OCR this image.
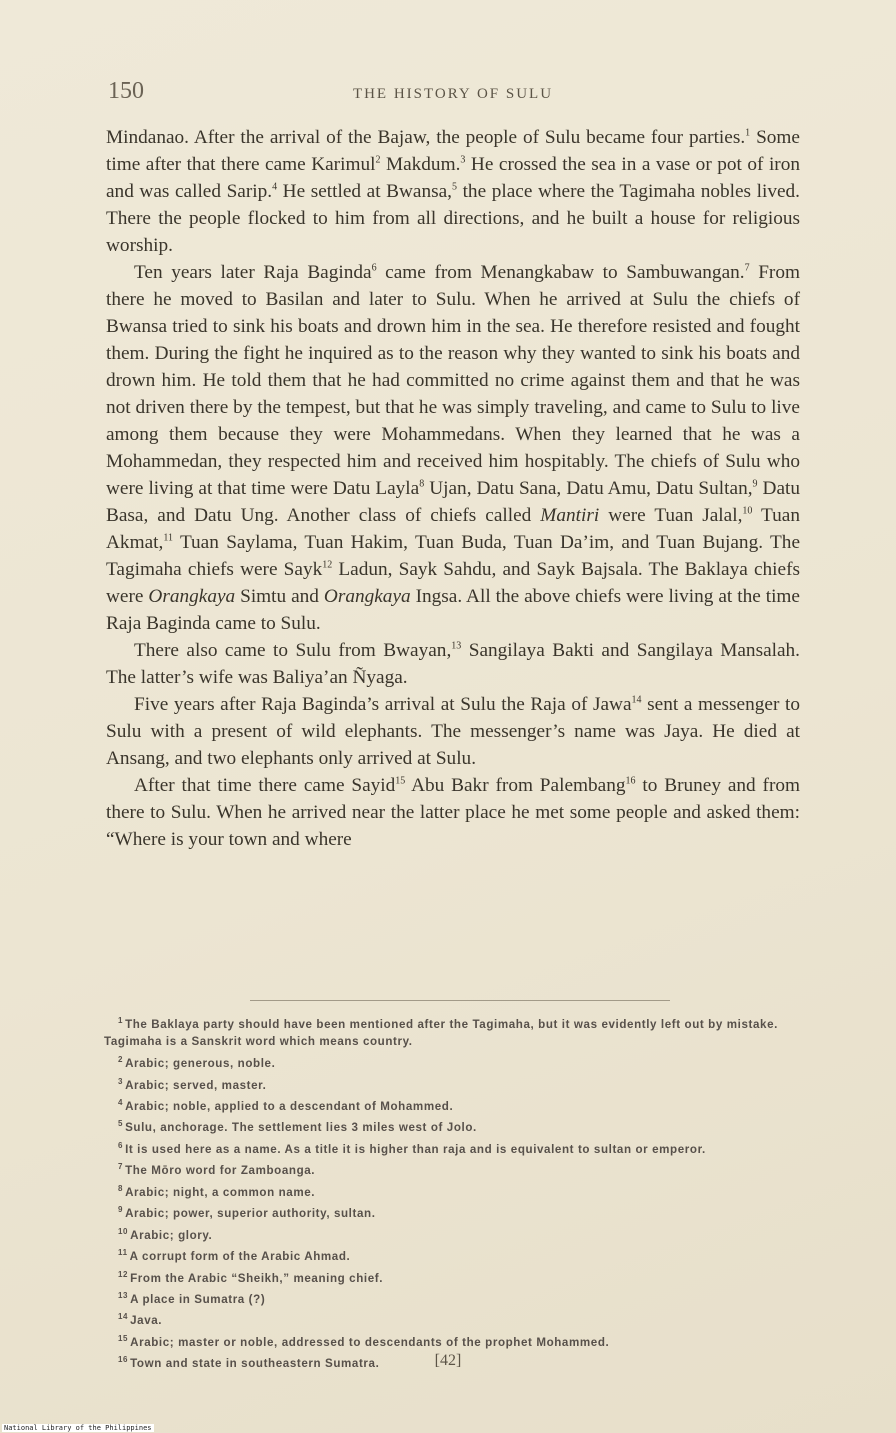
150	THE HISTORY OF SULU

Mindanao. After the arrival of the Bajaw, the people of Sulu became four parties.$^1$ Some time after that there came Karimul$^2$ Makdum.$^3$ He crossed the sea in a vase or pot of iron and was called Sarip.$^4$ He settled at Bwansa,$^5$ the place where the Tagimaha nobles lived. There the people flocked to him from all directions, and he built a house for religious worship.

Ten years later Raja Baginda$^6$ came from Menangkabaw to Sambuwangan.$^7$ From there he moved to Basilan and later to Sulu. When he arrived at Sulu the chiefs of Bwansa tried to sink his boats and drown him in the sea. He therefore resisted and fought them. During the fight he inquired as to the reason why they wanted to sink his boats and drown him. He told them that he had committed no crime against them and that he was not driven there by the tempest, but that he was simply traveling, and came to Sulu to live among them because they were Mohammedans. When they learned that he was a Mohammedan, they respected him and received him hospitably. The chiefs of Sulu who were living at that time were Datu Layla$^8$ Ujan, Datu Sana, Datu Amu, Datu Sultan,$^9$ Datu Basa, and Datu Ung. Another class of chiefs called Mantiri were Tuan Jalal,$^{10}$ Tuan Akmat,$^{11}$ Tuan Saylama, Tuan Hakim, Tuan Buda, Tuan Da’im, and Tuan Bujang. The Tagimaha chiefs were Sayk$^{12}$ Ladun, Sayk Sahdu, and Sayk Bajsala. The Baklaya chiefs were Orangkaya Simtu and Orangkaya Ingsa. All the above chiefs were living at the time Raja Baginda came to Sulu.

There also came to Sulu from Bwayan,$^{13}$ Sangilaya Bakti and Sangilaya Mansalah. The latter’s wife was Baliya’an Ñyaga.

Five years after Raja Baginda’s arrival at Sulu the Raja of Jawa$^{14}$ sent a messenger to Sulu with a present of wild elephants. The messenger’s name was Jaya. He died at Ansang, and two elephants only arrived at Sulu.

After that time there came Sayid$^{15}$ Abu Bakr from Palembang$^{16}$ to Bruney and from there to Sulu. When he arrived near the latter place he met some people and asked them: “Where is your town and where

$^1$ The Baklaya party should have been mentioned after the Tagimaha, but it was evidently left out by mistake. Tagimaha is a Sanskrit word which means country.
$^2$ Arabic; generous, noble.
$^3$ Arabic; served, master.
$^4$ Arabic; noble, applied to a descendant of Mohammed.
$^5$ Sulu, anchorage. The settlement lies 3 miles west of Jolo.
$^6$ It is used here as a name. As a title it is higher than raja and is equivalent to sultan or emperor.
$^7$ The Mōro word for Zamboanga.
$^8$ Arabic; night, a common name.
$^9$ Arabic; power, superior authority, sultan.
$^{10}$ Arabic; glory.
$^{11}$ A corrupt form of the Arabic Ahmad.
$^{12}$ From the Arabic “Sheikh,” meaning chief.
$^{13}$ A place in Sumatra (?)
$^{14}$ Java.
$^{15}$ Arabic; master or noble, addressed to descendants of the prophet Mohammed.
$^{16}$ Town and state in southeastern Sumatra.	[42]
National Library of the Philippines
